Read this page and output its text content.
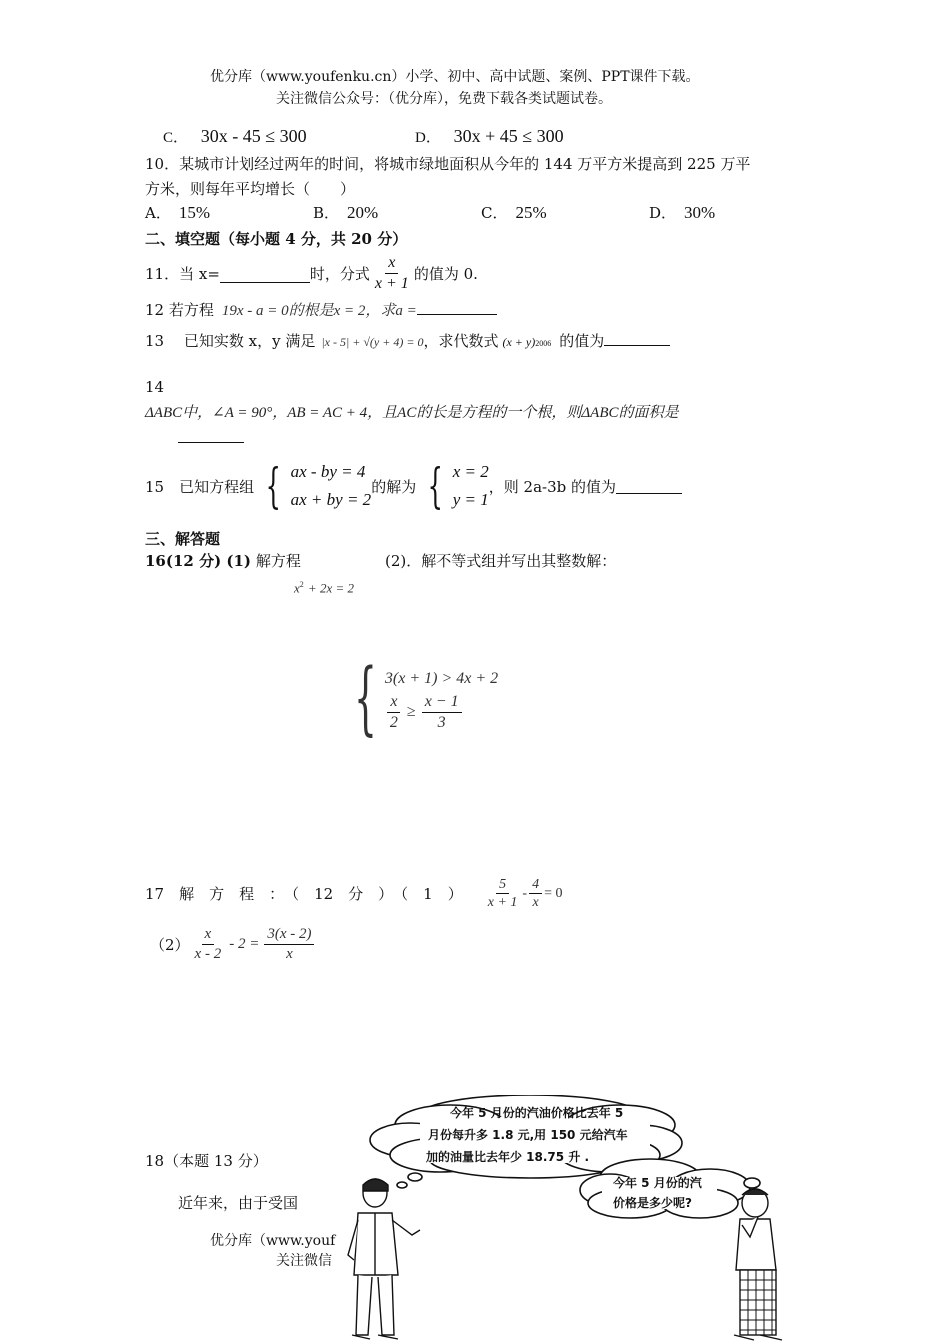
优分库（www.youfenku.cn）小学、初中、高中试题、案例、PPT课件下载。
关注微信公众号：（优分库），免费下载各类试题试卷。
C． 30x - 45 ≤ 300	D． 30x + 45 ≤ 300
10．某城市计划经过两年的时间，将城市绿地面积从今年的 144 万平方米提高到 225 万平
方米，则每年平均增长（　　）
A． 15%	B． 20%	C． 25%	D． 30%
二、填空题（每小题 4 分，共 20 分）
11．当 x=	时，分式 $\frac{x}{x + 1}$ 的值为 0.
12 若方程 19x - a = 0的根是x = 2，求a =
13　 已知实数 x，y 满足 |x - 5| + √(y + 4) = 0 ，求代数式 (x + y) 2006 的值为
14
ΔABC中，∠A = 90°，AB = AC + 4，且AC的长是方程的一个根，则ΔABC的面积是
15　已知方程组 { ax - by = 4
ax + by = 2
的解为 { x = 2
y = 1
，则 2a-3b 的值为
三、解答题
16(12 分) (1) 解方程	(2)．解不等式组并写出其整数解：
$x^2 + 2x = 2$
{ 3(x + 1) > 4x + 2
$\frac{x}{2} \ge \frac{x - 1}{3}$
17　解　方　程　：　（　12　分　）　（　1　） $\frac{5}{x + 1} - \frac{4}{x} = 0$
$(2) \frac{x}{x - 2} - 2 = \frac{3(x - 2)}{x}$
18（本题 13 分）
近年来，由于受国
优分库（www.youf
关注微信
今年 5 月份的汽油价格比去年 5
月份每升多 1.8 元,用 150 元给汽车
加的油量比去年少 18.75 升 .
今年 5 月份的汽
价格是多少呢?
